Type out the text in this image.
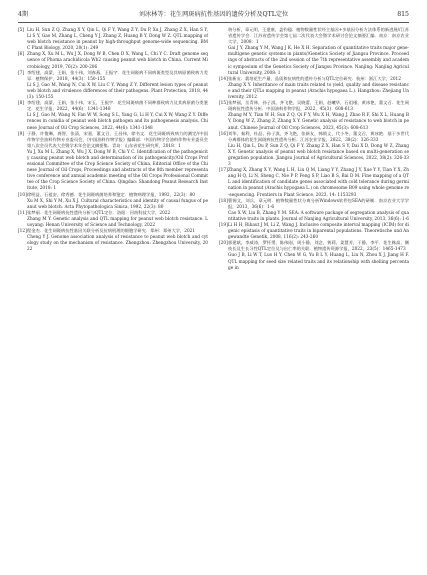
4期	刘冰林等：花生网斑病抗性基因的遗传分析及QTL定位	815
[5] Liu H, Sun Z Q, Zhang X Y, Qin L, Qi F Y, Wang Z Y, Du P, Xu J, Zhang Z X, Han S Y, Li S Y, Gao M, Zhang L, Cheng Y J, Zhang Z, Huang B Y, Dong W Z. QTL mapping of web blotch resistance in peanut by high-throughput genome-wide sequencing. BMC Plant Biology, 2020, 20(1): 249
[6] Zhang X, Xu M L, Wu J X, Dong W B, Chen D X, Wang L, Chi Y C. Draft genome sequence of Phoma arachidicola Wb2 causing peanut web blotch in China. Current Microbiology, 2019, 76(2): 200-206
[7] 李绍建，高蒙，王娟，张小伟，刘春燕，王振宇．花生网斑病不同病斑类型及其病原菌致病力差异．植物保护，2018，44(3)：150-155
Li S J, Gao M, Wang N, Cui X W, Liu C Y, Wang Z Y. Different lesion types of peanut web blotch and virulence differences of their pathogens. Plant Protection, 2018, 44(3): 150-155
[8] 李绍建，高蒙，王娟，张小伟，宋玉，王振宇．花生网斑病菌不同种群致病力及其病原菌分类鉴定．花生学报，2022，44(6)：1341-1348
Li S J, Gao M, Wang N, Fan W W, Song S L, Yang G, Li H Y, Cui X W, Wang Z Y. Differences in conidia of peanut web blotch pathogen and its pathogenesis analysis. Chinese Journal of Oil Crop Sciences, 2022, 44(6): 1341-1348
[9] 于静，许俊琳，龚智，张清，宋嘉，董文召，王昌伟，徐书文．花生网斑病致病力的测定//中国作物学会油料作物专业委员会，《中国油料作物学报》编辑部．中国作物学会油料作物专业委员会第八次会员代表大会暨学术年会论文摘要集．青岛：山东省花生研究所，2018：1
Yu J, Xu M L, Zhang X, Wu J X, Dong W B, Chi Y C. Identification of the pathogenicity causing peanut web blotch and determination of its pathogenicity//Oil Crops Professional Committee of the Crop Science Society of China, Editorial Office of the Chinese Journal of Oil Crops, Proceedings and abstracts of the 8th member representative conference and annual academic meeting of the Oil Crops Professional Committee of the Crop Science Society of China. Qingdao: Shandong Peanut Research Institute, 2018: 1
[10] 徐明益，石祖安，徐秀德．花生网斑病菌培养和鉴定．植物病理学报，1992，22(3)：80
Xu M X, Shi Y M, Xu X J. Cultural characteristics and identity of causal fungus of peanut web blotch. Acta Phytopathologica Sinica, 1992, 22(3): 80
[11] 张梦丽．花生网斑病抗性遗传分析与QTL定位．洛阳：河南科技大学，2022
Zhang M Y. Genetic analysis and QTL mapping for peanut web blotch resistance. Luoyang: Henan University of Science and Technology, 2022
[12] 程金杰．花生网斑病抗性基因关联分析及抗病机理的细胞学研究．郑州：郑州大学，2021
Cheng Y J. Genome association analysis of resistance to peanut web blotch and cytology study on the mechanism of resistance. Zhengzhou: Zhengzhou University, 2022
谐分析，章元明，王建康，盖钧镒．植物数量性状经主基因+多基因分析方法体系的新进展//江苏省遗传学会．江苏省遗传学会第七届二次代表大会暨学术研讨会论文摘要汇编．南京：南京农业大学，2008：1
Gai J Y, Zhang Y M, Wang J K, He X H. Separation of quantitative traits major gene-multigene genetic systems in plants//Genetics Society of Jiangsu Province. Proceedings of abstracts of the 2nd session of the 7th representative assembly and academic symposium of the Genetics Society of Jiangsu Province. Nanjing: Nanjing Agricultural University, 2008: 1
[14] 张新友．栽培花生产量、品质和抗病性的遗传分析与QTL定位研究．杭州：浙江大学，2012
Zhang X Y. Inheritance of main traits related to yield, quality and disease resistance and their QTLs mapping in peanut (Arachis hypogaea L.). Hangzhou: Zhejiang University, 2012
[15] 张梦丽，岳青林，孙子淇，齐飞艳，吴晓蕾，王娟，赵曦华，石祖瑾，黄冰艳，董文召．花生网斑病抗性遗传分析．中国油料作物学报，2022，45(3)：608-613
Zhang M Y, Tian W H, Sun Z Q, Qi F Y, Wu X H, Wang J, Zhao R F, Shi X L, Huang B Y, Dong W Z, Zhang Z, Zhang X Y. Genetic analysis of resistance to web blotch in peanut. Chinese Journal of Oil Crop Sciences, 2023, 45(3): 608-613
[16] 刘华，秦利，杜品，孙子淇，齐飞艳，张新友，韩锁义，代小冬，董文召，黄冰艳．基于多世代分离群体的花生网斑病抗性遗传分析．江苏农业学报，2022，38(2)：326-333
Liu H, Qin L, Du P, Sun Z Q, Qi F Y, Zhang Z X, Han S Y, Dai X D, Dong W Z, Zhang X Y. Genetic analysis of peanut web blotch resistance based on multi-generation segregation population. Jiangsu Journal of Agricultural Sciences, 2022, 38(2): 326-333
[17] Zhang X, Zhang X Y, Wang L H, Liu Q M, Liang Y Y, Zhang J Y, Xue Y Y, Tian Y X, Zhang H Q, Li N, Sheng C, Nie P P, Feng S P, Liao B S, Bai D M. Fine mapping of a QTL and identification of candidate genes associated with cold tolerance during germination in peanut (Arachis hypogaea L.) on chromosome B09 using whole genome re-sequencing. Frontiers in Plant Science, 2023, 14: 1153293
[18] 曹锡文，刘兵，章元明．植物数量性状分离分析Windows软件包SEA的研制．南京农业大学学报，2013，36(6)：1-6
Cao X W, Liu B, Zhang Y M. SEA: A software package of segregation analysis of quantitative traits in plants. Journal of Nanjing Agricultural University, 2013, 36(6): 1-6
[19] Li H H, Ribaut J M, Li Z, Wang J. Inclusive composite interval mapping (ICIM) for digenic epistasis of quantitative traits in biparental populations. Theoretische und Angewandte Genetik, 2008, 116(2): 243-260
[20] 郭建斌，李威涛，罗怀勇，陈伟刚，周小静，刘念，黄莉，姜慧芳，于静，李平．花生株高、侧枝长及生长习性QTL定位及与出仁率的关联．植物遗传资源学报，2022，23(5)：1465-1473
Guo J B, Li W T, Luo H Y, Chen W G, Yu B L Y, Huang L, Liu N, Zhou X J, Jiang H F. QTL mapping for seed size related traits and its relationship with shelling percentage in
